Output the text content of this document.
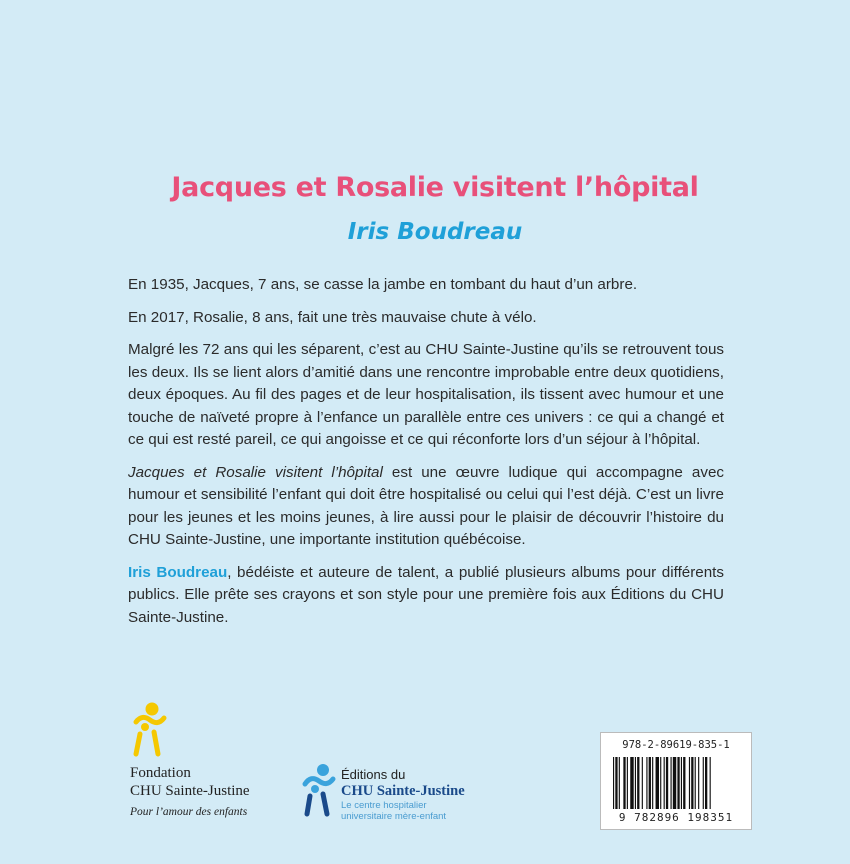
Jacques et Rosalie visitent l’hôpital
Iris Boudreau

En 1935, Jacques, 7 ans, se casse la jambe en tombant du haut d’un arbre.

En 2017, Rosalie, 8 ans, fait une très mauvaise chute à vélo.

Malgré les 72 ans qui les séparent, c’est au CHU Sainte-Justine qu’ils se retrouvent tous les deux. Ils se lient alors d’amitié dans une rencontre improbable entre deux quotidiens, deux époques. Au fil des pages et de leur hospitalisation, ils tissent avec humour et une touche de naïveté propre à l’enfance un parallèle entre ces univers : ce qui a changé et ce qui est resté pareil, ce qui angoisse et ce qui réconforte lors d’un séjour à l’hôpital.

Jacques et Rosalie visitent l’hôpital est une œuvre ludique qui accompagne avec humour et sensibilité l’enfant qui doit être hospitalisé ou celui qui l’est déjà. C’est un livre pour les jeunes et les moins jeunes, à lire aussi pour le plaisir de découvrir l’histoire du CHU Sainte-Justine, une importante institution québécoise.

Iris Boudreau, bédéiste et auteure de talent, a publié plusieurs albums pour différents publics. Elle prête ses crayons et son style pour une première fois aux Éditions du CHU Sainte-Justine.

Fondation
CHU Sainte-Justine
Pour l’amour des enfants
Éditions du
CHU Sainte-Justine
Le centre hospitalier
universitaire mère-enfant
978-2-89619-835-1
9 782896 198351
